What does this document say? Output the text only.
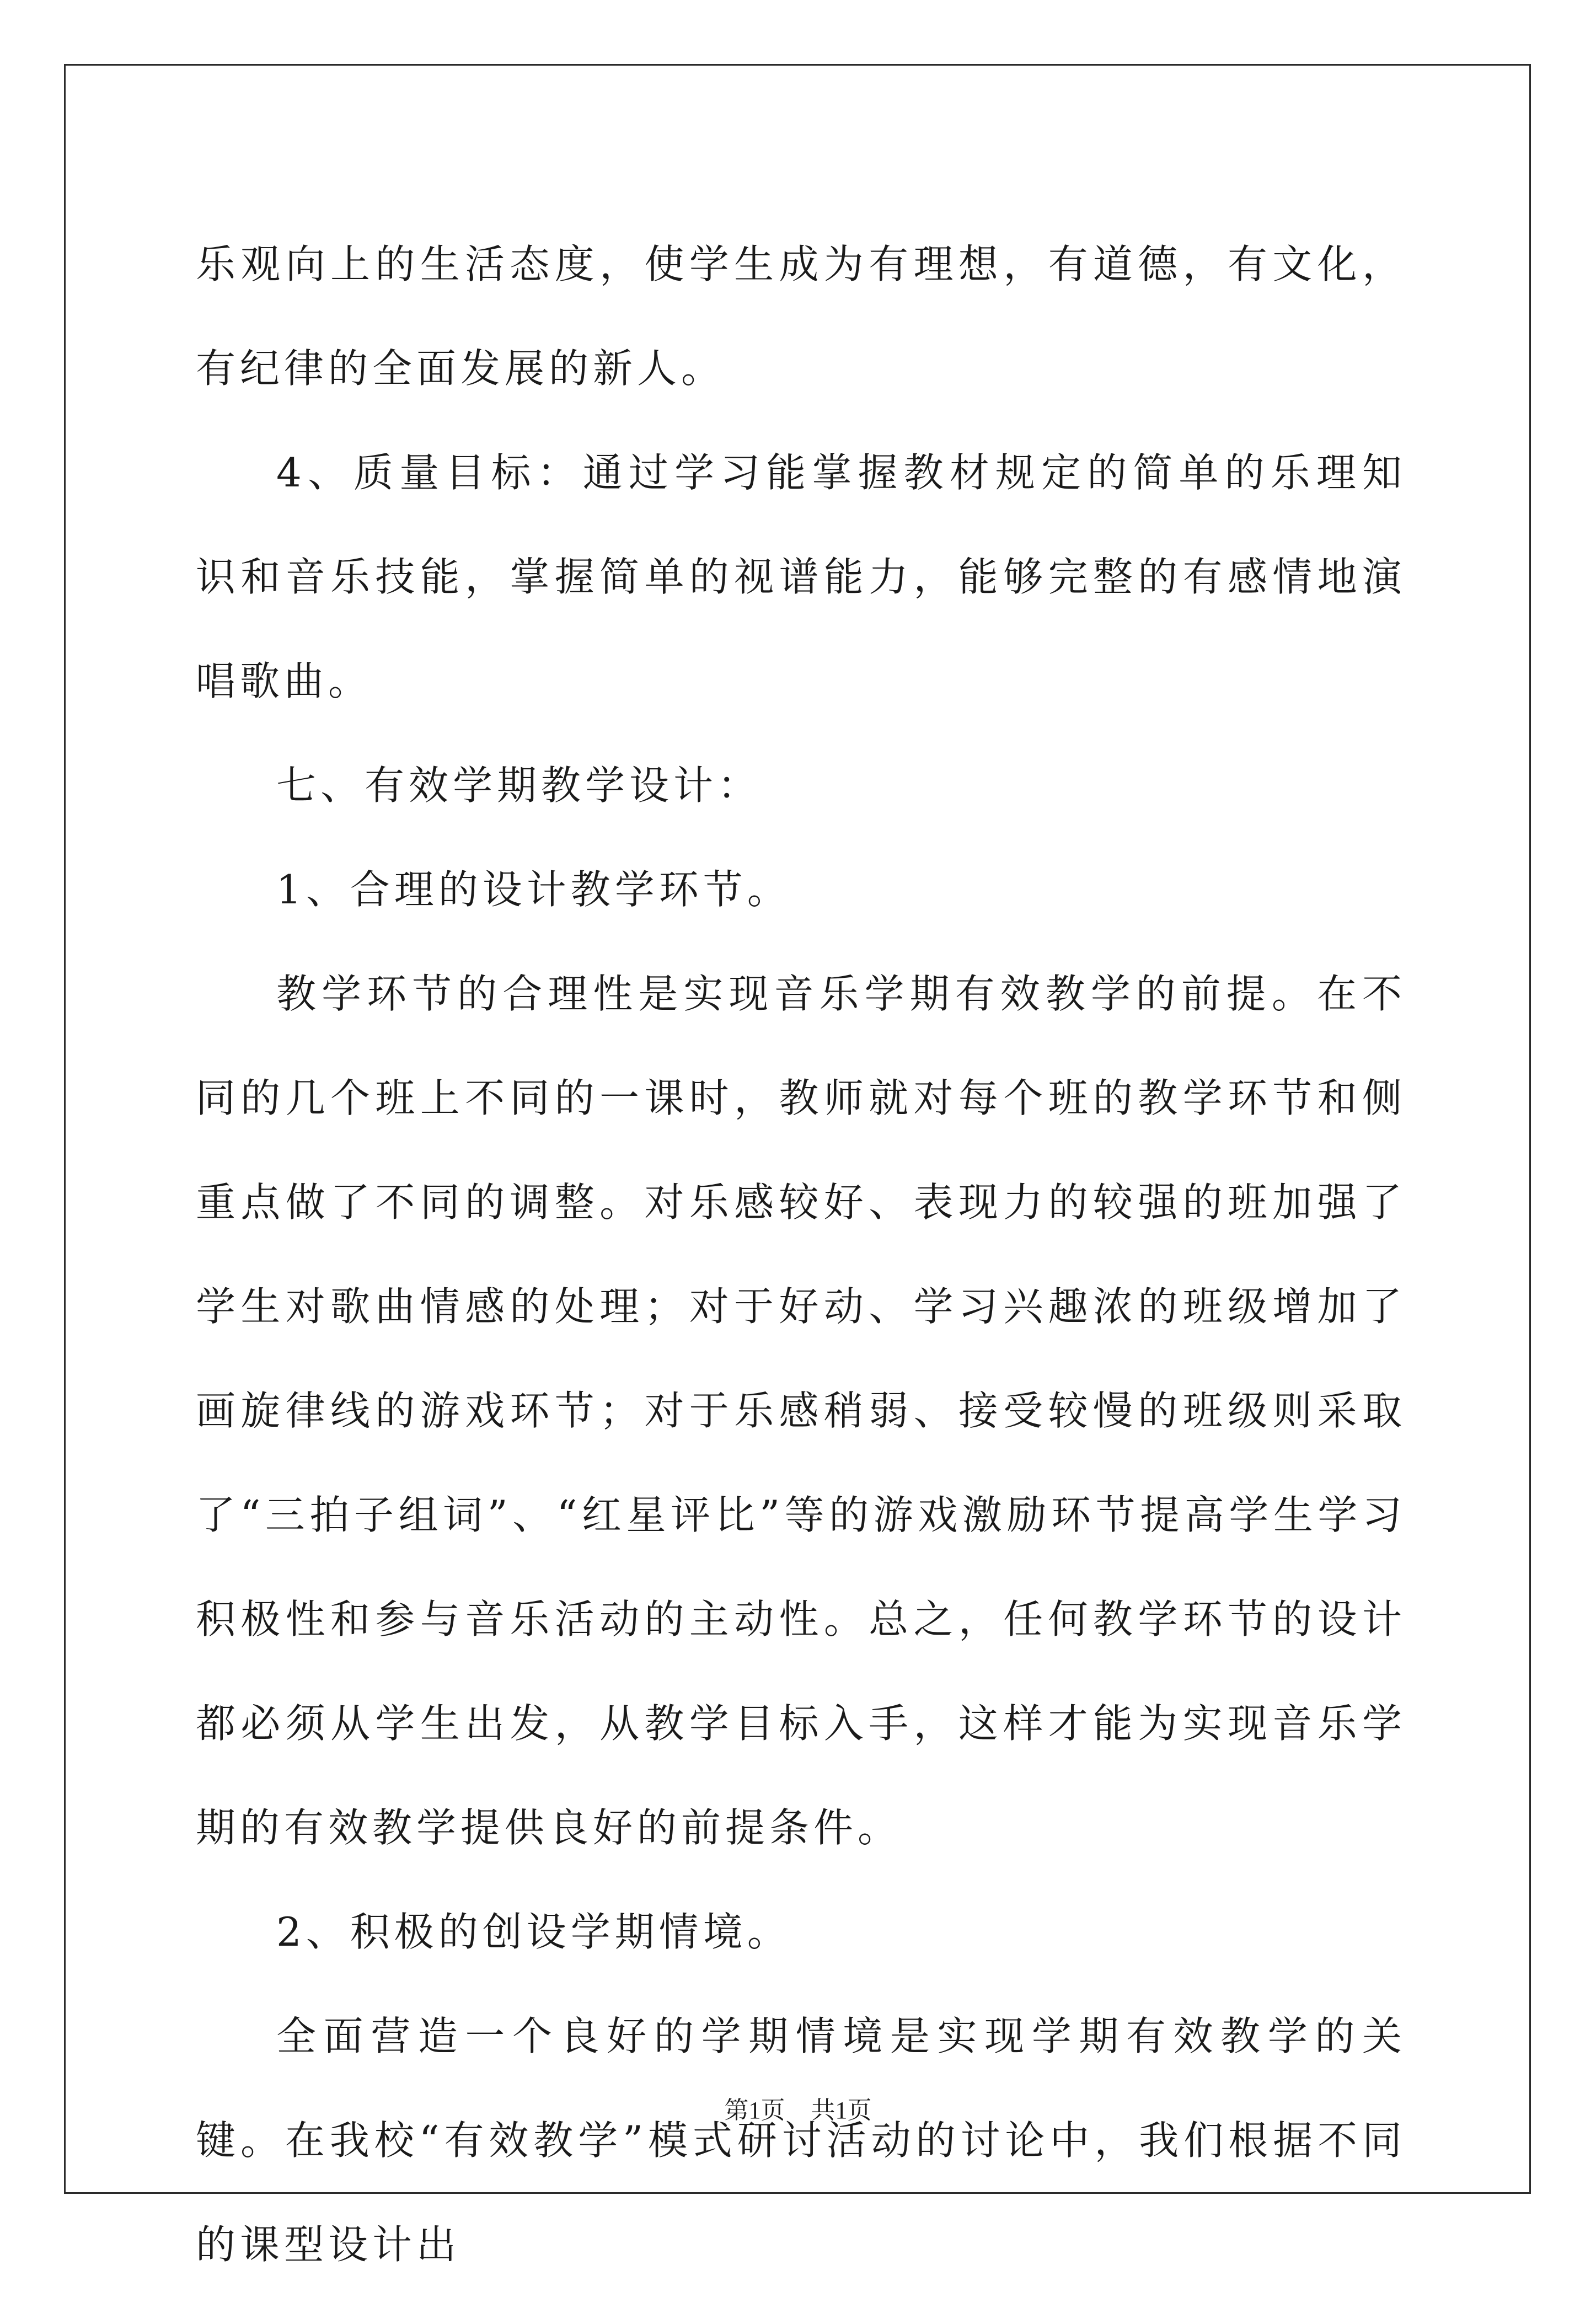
乐观向上的生活态度，使学生成为有理想，有道德，有文化，有纪律的全面发展的新人。

4、质量目标：通过学习能掌握教材规定的简单的乐理知识和音乐技能，掌握简单的视谱能力，能够完整的有感情地演唱歌曲。

七、有效学期教学设计：

1、合理的设计教学环节。

教学环节的合理性是实现音乐学期有效教学的前提。在不同的几个班上不同的一课时，教师就对每个班的教学环节和侧重点做了不同的调整。对乐感较好、表现力的较强的班加强了学生对歌曲情感的处理；对于好动、学习兴趣浓的班级增加了画旋律线的游戏环节；对于乐感稍弱、接受较慢的班级则采取了“三拍子组词”、“红星评比”等的游戏激励环节提高学生学习积极性和参与音乐活动的主动性。总之，任何教学环节的设计都必须从学生出发，从教学目标入手，这样才能为实现音乐学期的有效教学提供良好的前提条件。

2、积极的创设学期情境。

全面营造一个良好的学期情境是实现学期有效教学的关键。在我校“有效教学”模式研讨活动的讨论中，我们根据不同的课型设计出

第1页 共1页
